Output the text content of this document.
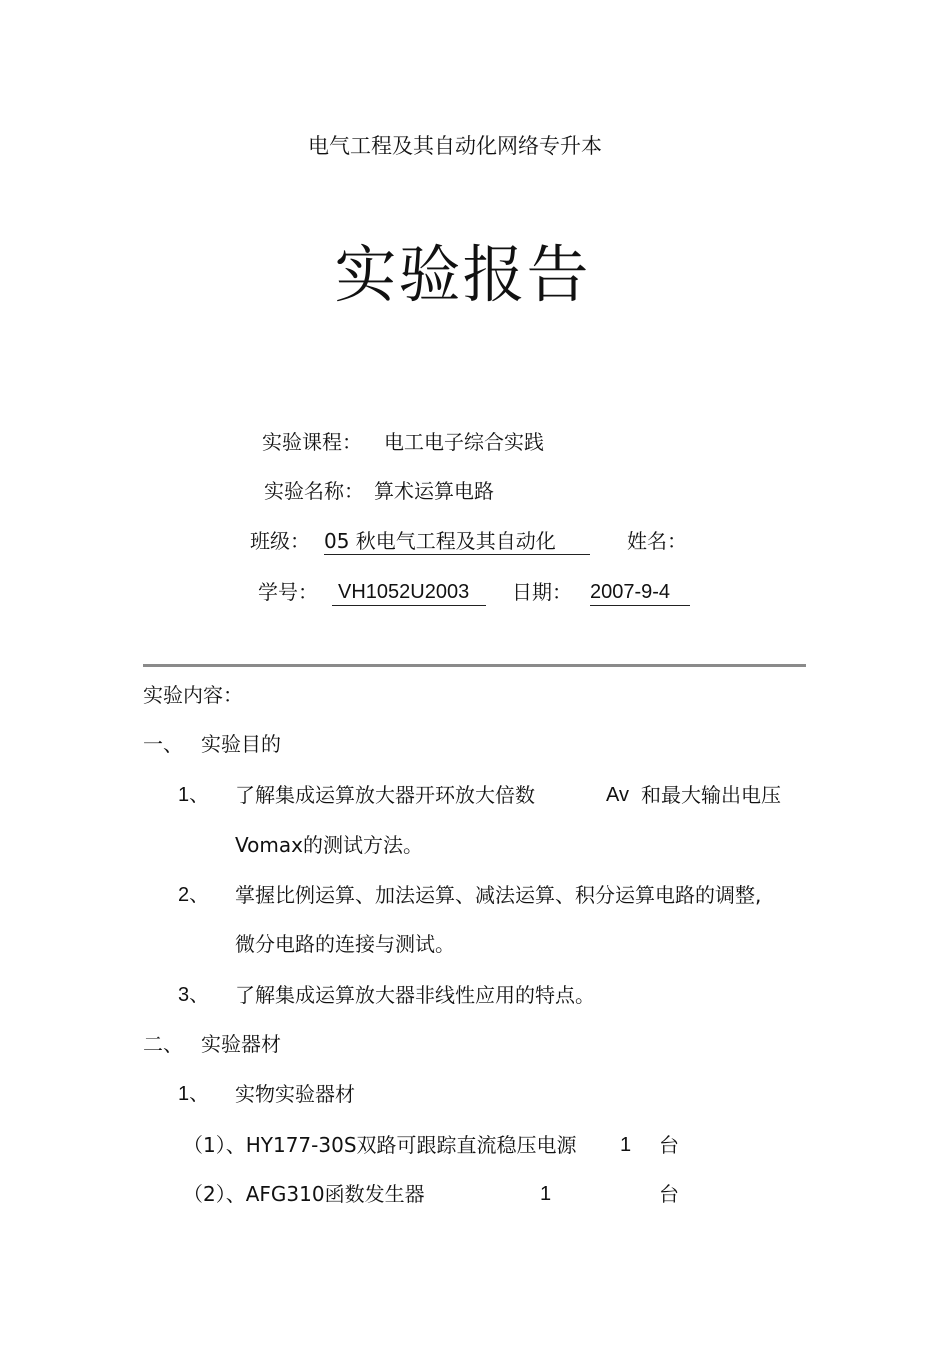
电气工程及其自动化网络专升本
实验报告
实验课程： 电工电子综合实践
实验名称： 算术运算电路
班级： 05 秋电气工程及其自动化	姓名：
学号：	VH1052U2003	日期： 2007-9-4
实验内容：
一、 实验目的
1、 了解集成运算放大器开环放大倍数	Av 和最大输出电压
Vomax的测试方法。
2、 掌握比例运算、加法运算、减法运算、积分运算电路的调整,
微分电路的连接与测试。
3、 了解集成运算放大器非线性应用的特点。
二、 实验器材
1、 实物实验器材
（1）、HY177-30S双路可跟踪直流稳压电源 1 台
（2）、AFG310函数发生器	1	台
